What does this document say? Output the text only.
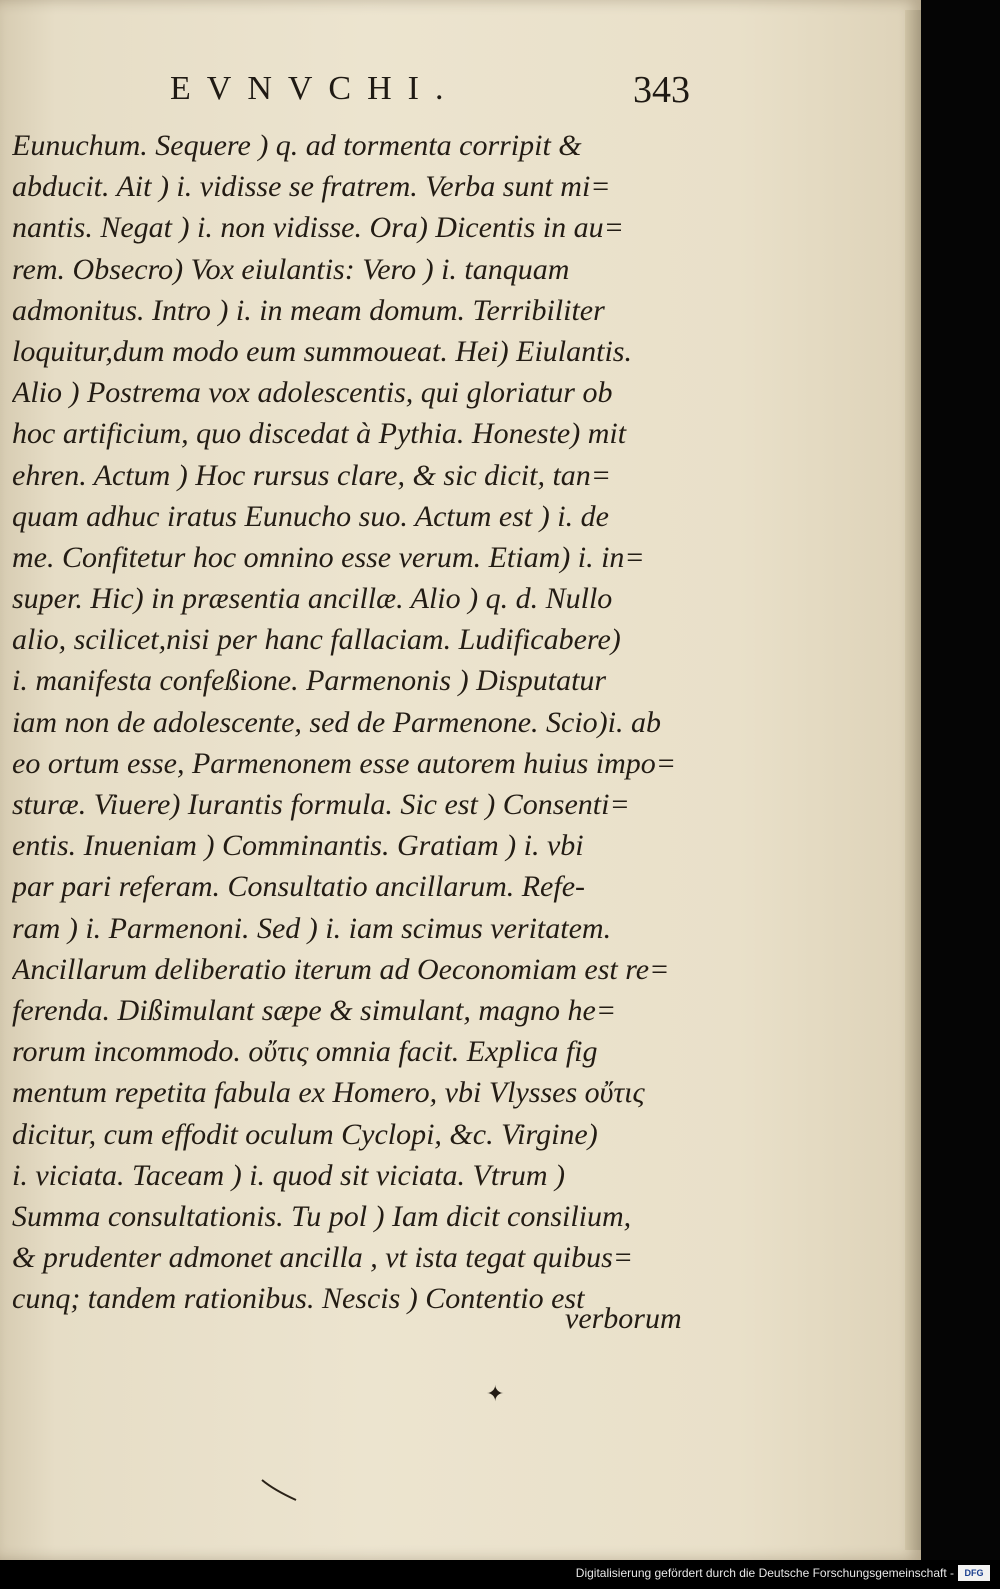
EVNVCHI.	343
Eunuchum. Sequere ) q. ad tormenta corripit &
abducit. Ait ) i. vidisse se fratrem. Verba sunt mi=
nantis. Negat ) i. non vidisse. Ora) Dicentis in au=
rem. Obsecro) Vox eiulantis: Vero ) i. tanquam
admonitus. Intro ) i. in meam domum. Terribiliter
loquitur,dum modo eum summoueat. Hei) Eiulantis.
Alio ) Postrema vox adolescentis, qui gloriatur ob
hoc artificium, quo discedat à Pythia. Honeste) mit
ehren. Actum ) Hoc rursus clare, & sic dicit, tan=
quam adhuc iratus Eunucho suo. Actum est ) i. de
me. Confitetur hoc omnino esse verum. Etiam) i. in=
super. Hic) in præsentia ancillæ. Alio ) q. d. Nullo
alio, scilicet,nisi per hanc fallaciam. Ludificabere)
i. manifesta confeßione. Parmenonis ) Disputatur
iam non de adolescente, sed de Parmenone. Scio)i. ab
eo ortum esse, Parmenonem esse autorem huius impo=
sturæ. Viuere) Iurantis formula. Sic est ) Consenti=
entis. Inueniam ) Comminantis. Gratiam ) i. vbi
par pari referam. Consultatio ancillarum. Refe-
ram ) i. Parmenoni. Sed ) i. iam scimus veritatem.
Ancillarum deliberatio iterum ad Oeconomiam est re=
ferenda. Dißimulant sæpe & simulant, magno he=
rorum incommodo. οὔτις omnia facit. Explica fig
mentum repetita fabula ex Homero, vbi Vlysses οὔτις
dicitur, cum effodit oculum Cyclopi, &c. Virgine)
i. viciata. Taceam ) i. quod sit viciata. Vtrum )
Summa consultationis. Tu pol ) Iam dicit consilium,
& prudenter admonet ancilla , vt ista tegat quibus=
cunq; tandem rationibus. Nescis ) Contentio est
verborum
✦
Digitalisierung gefördert durch die Deutsche Forschungsgemeinschaft -	DFG
